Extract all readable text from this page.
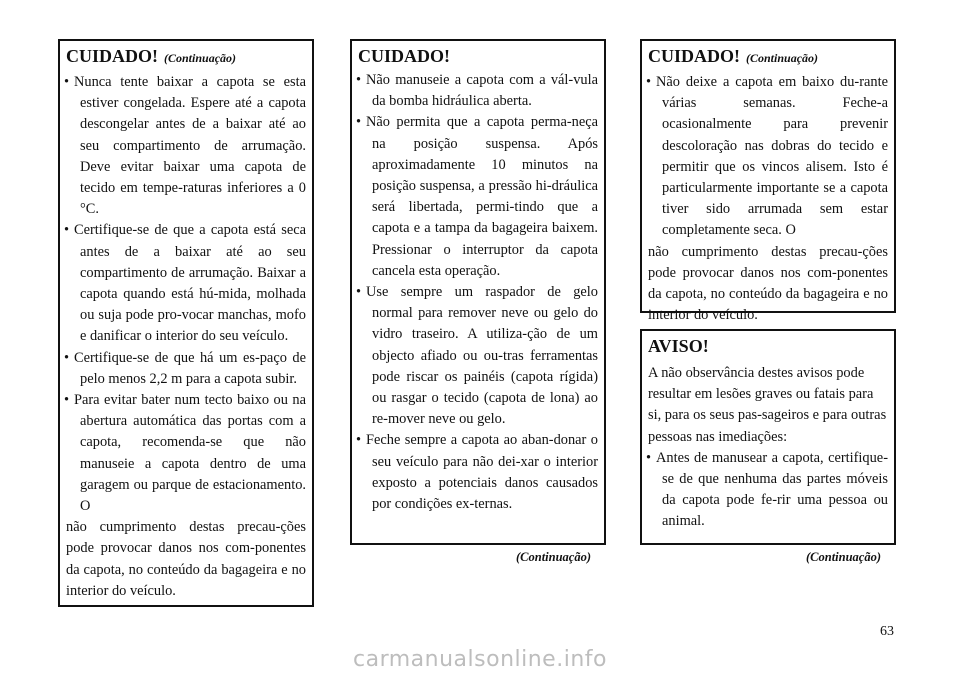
CUIDADO! (Continuação)
• Nunca tente baixar a capota se esta estiver congelada. Espere até a capota descongelar antes de a baixar até ao seu compartimento de arrumação. Deve evitar baixar uma capota de tecido em tempe-raturas inferiores a 0 °C.
• Certifique-se de que a capota está seca antes de a baixar até ao seu compartimento de arrumação. Baixar a capota quando está hú-mida, molhada ou suja pode pro-vocar manchas, mofo e danificar o interior do seu veículo.
• Certifique-se de que há um es-paço de pelo menos 2,2 m para a capota subir.
• Para evitar bater num tecto baixo ou na abertura automática das portas com a capota, recomenda-se que não manuseie a capota dentro de uma garagem ou parque de estacionamento. O
não cumprimento destas precau-ções pode provocar danos nos com-ponentes da capota, no conteúdo da bagageira e no interior do veículo.
CUIDADO!
• Não manuseie a capota com a vál-vula da bomba hidráulica aberta.
• Não permita que a capota perma-neça na posição suspensa. Após aproximadamente 10 minutos na posição suspensa, a pressão hi-dráulica será libertada, permi-tindo que a capota e a tampa da bagageira baixem. Pressionar o interruptor da capota cancela esta operação.
• Use sempre um raspador de gelo normal para remover neve ou gelo do vidro traseiro. A utiliza-ção de um objecto afiado ou ou-tras ferramentas pode riscar os painéis (capota rígida) ou rasgar o tecido (capota de lona) ao re-mover neve ou gelo.
• Feche sempre a capota ao aban-donar o seu veículo para não dei-xar o interior exposto a potenciais danos causados por condições ex-ternas.
(Continuação)
CUIDADO! (Continuação)
• Não deixe a capota em baixo du-rante várias semanas. Feche-a ocasionalmente para prevenir descoloração nas dobras do tecido e permitir que os vincos alisem. Isto é particularmente importante se a capota tiver sido arrumada sem estar completamente seca. O
não cumprimento destas precau-ções pode provocar danos nos com-ponentes da capota, no conteúdo da bagageira e no interior do veículo.
AVISO!
A não observância destes avisos pode resultar em lesões graves ou fatais para si, para os seus pas-sageiros e para outras pessoas nas imediações:
• Antes de manusear a capota, certifique-se de que nenhuma das partes móveis da capota pode fe-rir uma pessoa ou animal.
(Continuação)
63
carmanualsonline.info
